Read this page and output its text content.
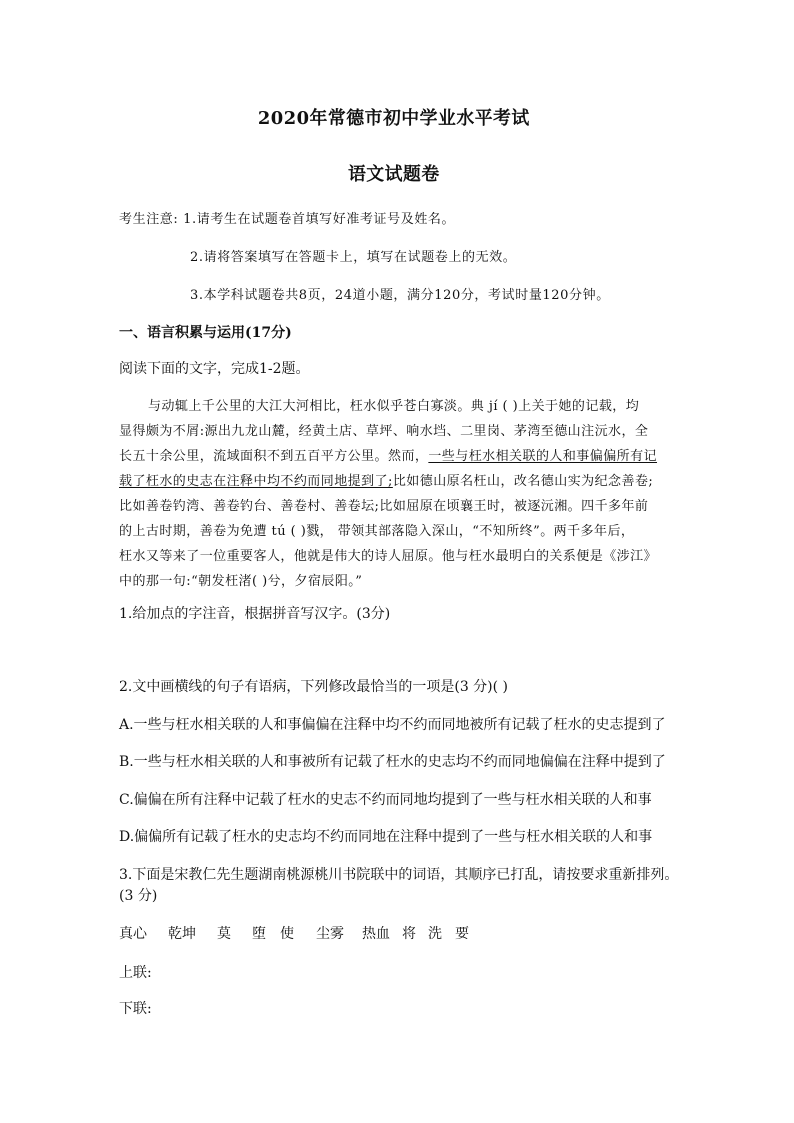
2020年常德市初中学业水平考试
语文试题卷
考生注意: 1.请考生在试题卷首填写好准考证号及姓名。
2.请将答案填写在答题卡上，填写在试题卷上的无效。
3.本学科试题卷共8页，24道小题，满分120分，考试时量120分钟。
一、语言积累与运用(17分)
阅读下面的文字，完成1-2题。
与动辄上千公里的大江大河相比，枉水似乎苍白寡淡。典 jí ( )上关于她的记载，均
显得颇为不屑:源出九龙山麓，经黄土店、草坪、响水垱、二里岗、茅湾至德山注沅水，全
长五十余公里，流域面积不到五百平方公里。然而，一些与枉水相关联的人和事偏偏所有记
载了枉水的史志在注释中均不约而同地提到了;比如德山原名枉山，改名德山实为纪念善卷;
比如善卷钓湾、善卷钓台、善卷村、善卷坛;比如屈原在顷襄王时，被逐沅湘。四千多年前
的上古时期，善卷为免遭 tú ( )戮， 带领其部落隐入深山，“不知所终”。两千多年后，
枉水又等来了一位重要客人，他就是伟大的诗人屈原。他与枉水最明白的关系便是《涉江》
中的那一句:“朝发枉渚( )兮，夕宿辰阳。”
1.给加点的字注音，根据拼音写汉字。(3分)
2.文中画横线的句子有语病，下列修改最恰当的一项是(3 分)( )
A.一些与枉水相关联的人和事偏偏在注释中均不约而同地被所有记载了枉水的史志提到了
B.一些与枉水相关联的人和事被所有记载了枉水的史志均不约而同地偏偏在注释中提到了
C.偏偏在所有注释中记载了枉水的史志不约而同地均提到了一些与枉水相关联的人和事
D.偏偏所有记载了枉水的史志均不约而同地在注释中提到了一些与枉水相关联的人和事
3.下面是宋教仁先生题湖南桃源桃川书院联中的词语，其顺序已打乱，请按要求重新排列。
(3 分)
真心 乾坤 莫 堕 使 尘雾 热血 将 洗 要
上联:
下联:
